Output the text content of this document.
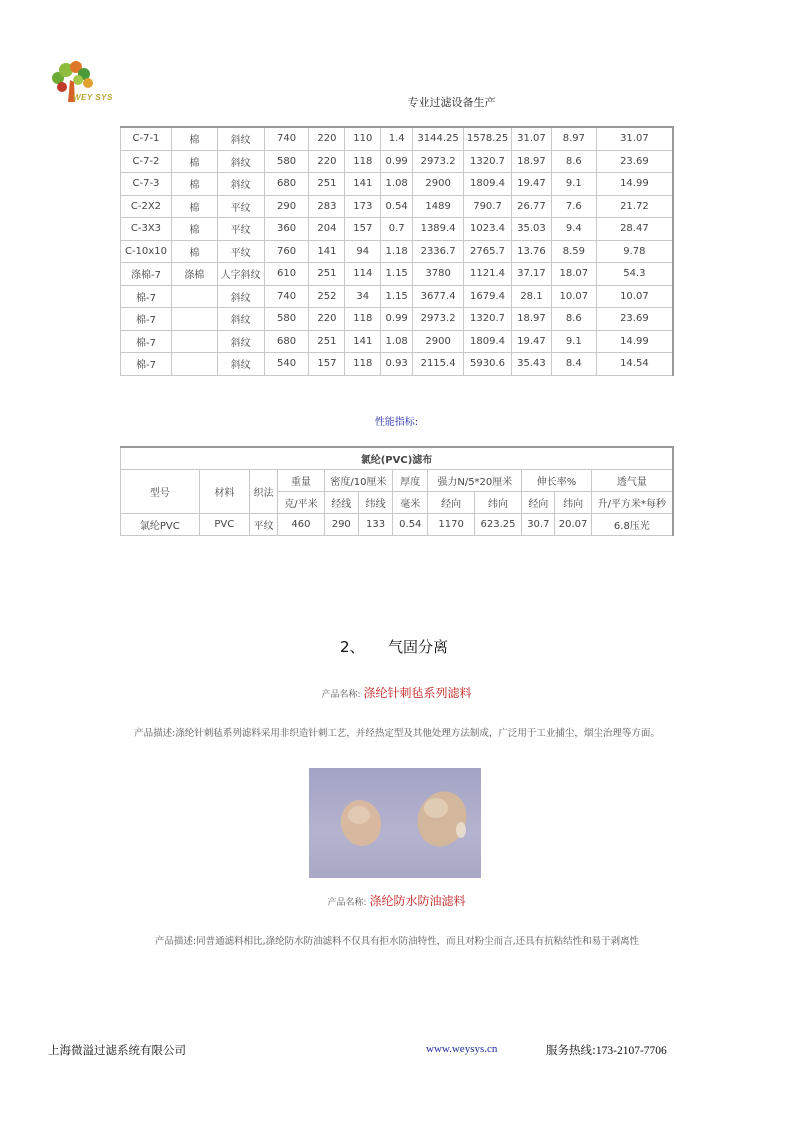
WEY SYS	专业过滤设备生产
C-7-1	棉	斜纹	740	220	110	1.4	3144.25	1578.25	31.07	8.97	31.07
C-7-2	棉	斜纹	580	220	118	0.99	2973.2	1320.7	18.97	8.6	23.69
C-7-3	棉	斜纹	680	251	141	1.08	2900	1809.4	19.47	9.1	14.99
C-2X2	棉	平纹	290	283	173	0.54	1489	790.7	26.77	7.6	21.72
C-3X3	棉	平纹	360	204	157	0.7	1389.4	1023.4	35.03	9.4	28.47
C-10x10	棉	平纹	760	141	94	1.18	2336.7	2765.7	13.76	8.59	9.78
涤棉-7	涤棉	人字斜纹	610	251	114	1.15	3780	1121.4	37.17	18.07	54.3
棉-7		斜纹	740	252	34	1.15	3677.4	1679.4	28.1	10.07	10.07
棉-7		斜纹	580	220	118	0.99	2973.2	1320.7	18.97	8.6	23.69
棉-7		斜纹	680	251	141	1.08	2900	1809.4	19.47	9.1	14.99
棉-7		斜纹	540	157	118	0.93	2115.4	5930.6	35.43	8.4	14.54
性能指标:
氯纶(PVC)滤布											
型号	材料	织法	重量	密度/10厘米		厚度	强力N/5*20厘米		伸长率%		透气量
			克/平米	经线	纬线	毫米	经向	纬向	经向	纬向	升/平方米*每秒
氯纶PVC	PVC	平纹	460	290	133	0.54	1170	623.25	30.7	20.07	6.8压光
2、 气固分离
产品名称: 涤纶针刺毡系列滤料
产品描述:涤纶针刺毡系列滤料采用非织造针刺工艺，并经热定型及其他处理方法制成，广泛用于工业捕尘，烟尘治理等方面。
产品名称: 涤纶防水防油滤料
产品描述:同普通滤料相比,涤纶防水防油滤料不仅具有拒水防油特性，而且对粉尘而言,还具有抗粘结性和易于剥离性
上海微溢过滤系统有限公司	www.weysys.cn	服务热线:173-2107-7706
